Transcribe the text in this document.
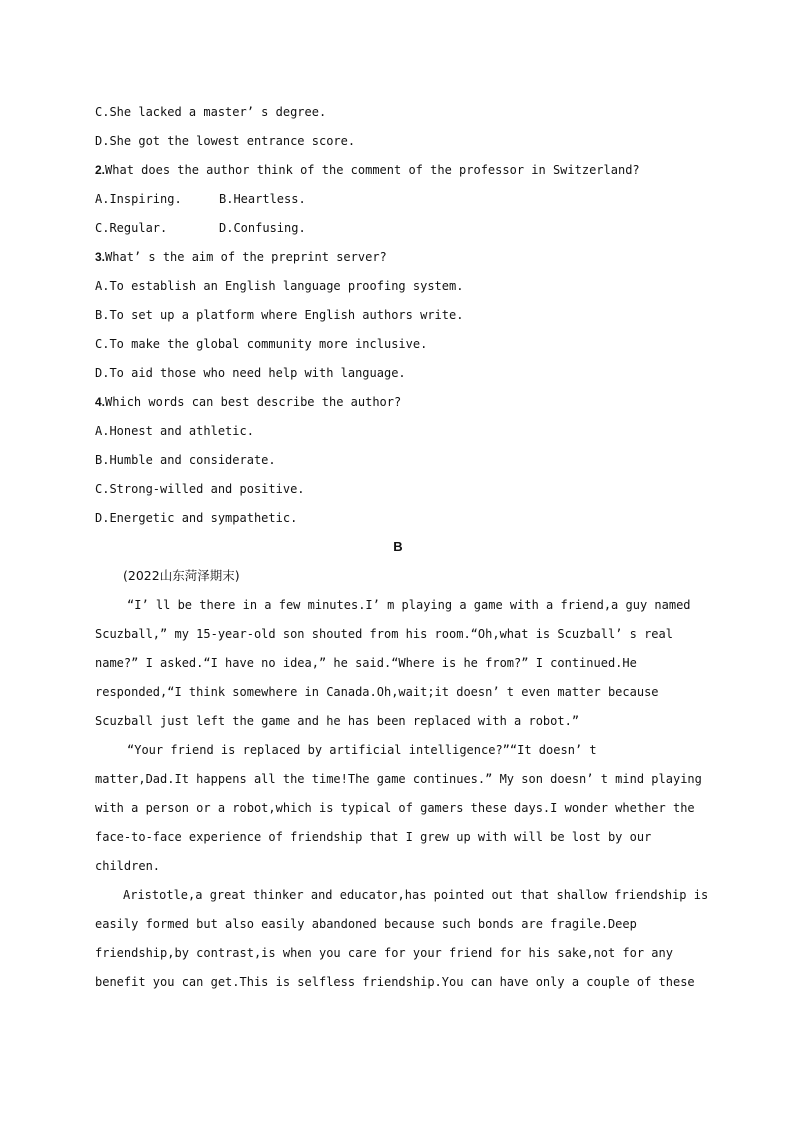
C.She lacked a master’ s degree.
D.She got the lowest entrance score.
2.What does the author think of the comment of the professor in Switzerland?
A.Inspiring.	B.Heartless.
C.Regular.	D.Confusing.
3.What’ s the aim of the preprint server?
A.To establish an English language proofing system.
B.To set up a platform where English authors write.
C.To make the global community more inclusive.
D.To aid those who need help with language.
4.Which words can best describe the author?
A.Honest and athletic.
B.Humble and considerate.
C.Strong-willed and positive.
D.Energetic and sympathetic.
B
(2022山东菏泽期末)
“I’ ll be there in a few minutes.I’ m playing a game with a friend,a guy named
Scuzball,” my 15-year-old son shouted from his room.“Oh,what is Scuzball’ s real
name?” I asked.“I have no idea,” he said.“Where is he from?” I continued.He
responded,“I think somewhere in Canada.Oh,wait;it doesn’ t even matter because
Scuzball just left the game and he has been replaced with a robot.”
“Your friend is replaced by artificial intelligence?”“It doesn’ t
matter,Dad.It happens all the time!The game continues.” My son doesn’ t mind playing
with a person or a robot,which is typical of gamers these days.I wonder whether the
face-to-face experience of friendship that I grew up with will be lost by our
children.
Aristotle,a great thinker and educator,has pointed out that shallow friendship is
easily formed but also easily abandoned because such bonds are fragile.Deep
friendship,by contrast,is when you care for your friend for his sake,not for any
benefit you can get.This is selfless friendship.You can have only a couple of these
